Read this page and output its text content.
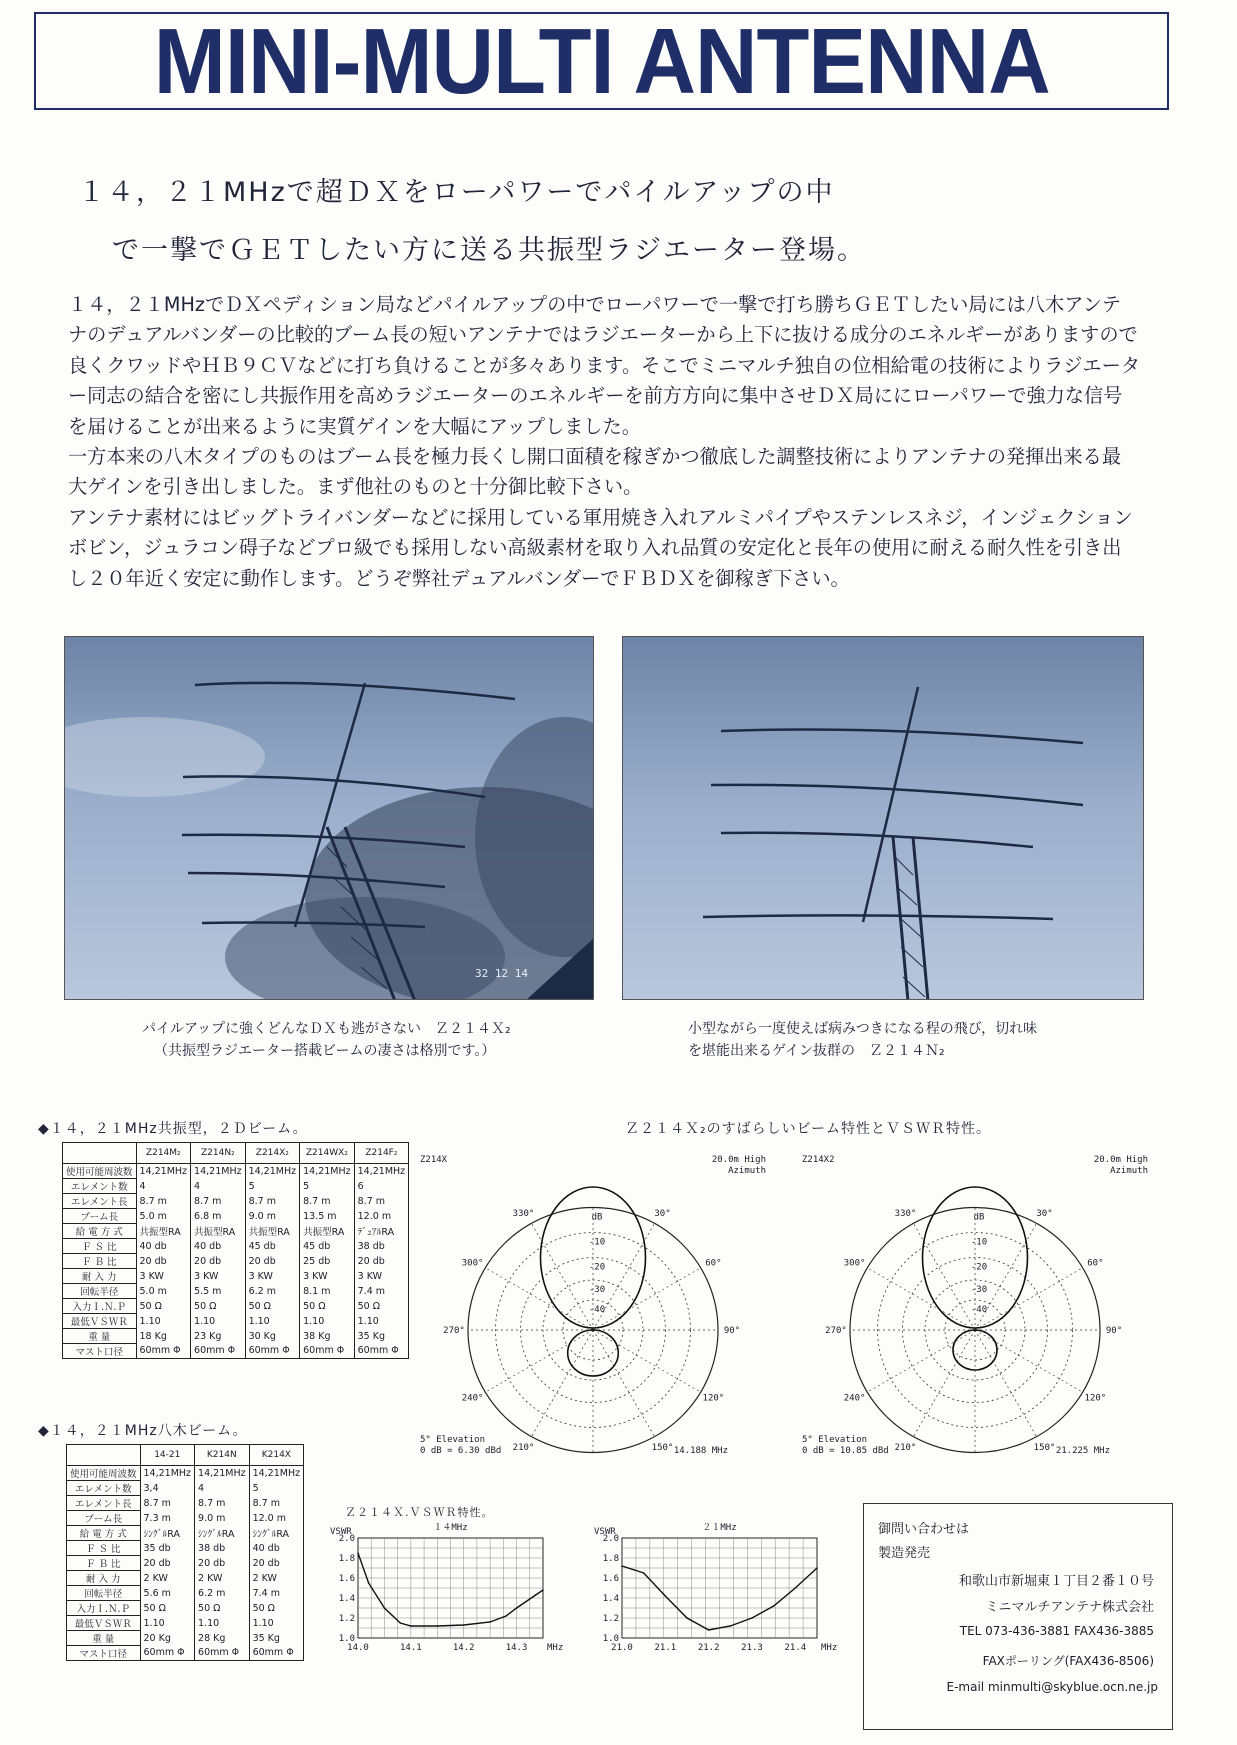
MINI-MULTI ANTENNA
１４，２１MHzで超ＤＸをローパワーでパイルアップの中
で一撃でＧＥＴしたい方に送る共振型ラジエーター登場。

１４，２１MHzでＤＸペディション局などパイルアップの中でローパワーで一撃で打ち勝ちＧＥＴしたい局には八木アンテナのデュアルバンダーの比較的ブーム長の短いアンテナではラジエーターから上下に抜ける成分のエネルギーがありますので良くクワッドやＨＢ９ＣＶなどに打ち負けることが多々あります。そこでミニマルチ独自の位相給電の技術によりラジエーター同志の結合を密にし共振作用を高めラジエーターのエネルギーを前方方向に集中させＤＸ局ににローパワーで強力な信号を届けることが出来るように実質ゲインを大幅にアップしました。

一方本来の八木タイプのものはブーム長を極力長くし開口面積を稼ぎかつ徹底した調整技術によりアンテナの発揮出来る最大ゲインを引き出しました。まず他社のものと十分御比較下さい。

アンテナ素材にはビッグトライバンダーなどに採用している軍用焼き入れアルミパイプやステンレスネジ，インジェクションボビン，ジュラコン碍子などプロ級でも採用しない高級素材を取り入れ品質の安定化と長年の使用に耐える耐久性を引き出し２０年近く安定に動作します。どうぞ弊社デュアルバンダーでＦＢＤＸを御稼ぎ下さい。

32 12 14
パイルアップに強くどんなＤＸも逃がさない　Ｚ２１４Ｘ₂
（共振型ラジエーター搭載ビームの凄さは格別です。）
小型ながら一度使えば病みつきになる程の飛び，切れ味
を堪能出来るゲイン抜群の　Ｚ２１４Ｎ₂
◆１４，２１MHz共振型，２Ｄビーム。
	Z214M₂	Z214N₂	Z214X₂	Z214WX₂	Z214F₂
使用可能周波数	14,21MHz	14,21MHz	14,21MHz	14,21MHz	14,21MHz
エレメント数	4	4	5	5	6
エレメント長	8.7 m	8.7 m	8.7 m	8.7 m	8.7 m
ブーム長	5.0 m	6.8 m	9.0 m	13.5 m	12.0 m
給 電 方 式	共振型RA	共振型RA	共振型RA	共振型RA	ﾃﾞｭｱﾙRA
Ｆ Ｓ 比	40 db	40 db	45 db	45 db	38 db
Ｆ Ｂ 比	20 db	20 db	20 db	25 db	20 db
耐 入 力	3 KW	3 KW	3 KW	3 KW	3 KW
回転半径	5.0 m	5.5 m	6.2 m	8.1 m	7.4 m
入力Ｉ.Ｎ.Ｐ	50 Ω	50 Ω	50 Ω	50 Ω	50 Ω
最低ＶＳＷＲ	1.10	1.10	1.10	1.10	1.10
重 量	18 Kg	23 Kg	30 Kg	38 Kg	35 Kg
マスト口径	60mm Φ	60mm Φ	60mm Φ	60mm Φ	60mm Φ
◆１４，２１MHz八木ビーム。
	14-21	K214N	K214X
使用可能周波数	14,21MHz	14,21MHz	14,21MHz
エレメント数	3,4	4	5
エレメント長	8.7 m	8.7 m	8.7 m
ブーム長	7.3 m	9.0 m	12.0 m
給 電 方 式	ｼﾝｸﾞﾙRA	ｼﾝｸﾞﾙRA	ｼﾝｸﾞﾙRA
Ｆ Ｓ 比	35 db	38 db	40 db
Ｆ Ｂ 比	20 db	20 db	20 db
耐 入 力	2 KW	2 KW	2 KW
回転半径	5.6 m	6.2 m	7.4 m
入力Ｉ.Ｎ.Ｐ	50 Ω	50 Ω	50 Ω
最低ＶＳＷＲ	1.10	1.10	1.10
重 量	20 Kg	28 Kg	35 Kg
マスト口径	60mm Φ	60mm Φ	60mm Φ
Ｚ２１４Ｘ₂のすばらしいビーム特性とＶＳＷＲ特性。
30°
60°
90°
120°
150°
210°
240°
270°
300°
330°	dB
-10
-20
-30
-40
Z214X	20.0m High
Azimuth
5° Elevation
0 dB = 6.30 dBd	14.188 MHz
30°
60°
90°
120°
150°
210°
240°
270°
300°
330°	dB
-10
-20
-30
-40
Z214X2	20.0m High
Azimuth
5° Elevation
0 dB = 10.85 dBd	21.225 MHz
Ｚ２１４Ｘ.ＶＳＷＲ特性。
１４MHz
2.0
1.8
1.6
1.4
1.2
1.0
VSWR
14.0	14.1	14.2	14.3 MHz
２１MHz
2.0
1.8
1.6
1.4
1.2
1.0
VSWR
21.0 21.1 21.2 21.3 21.4 MHz
御問い合わせは
製造発売
和歌山市新堀東１丁目２番１０号
ミニマルチアンテナ株式会社
TEL 073-436-3881 FAX436-3885
FAXポーリング(FAX436-8506)
E-mail minmulti@skyblue.ocn.ne.jp
